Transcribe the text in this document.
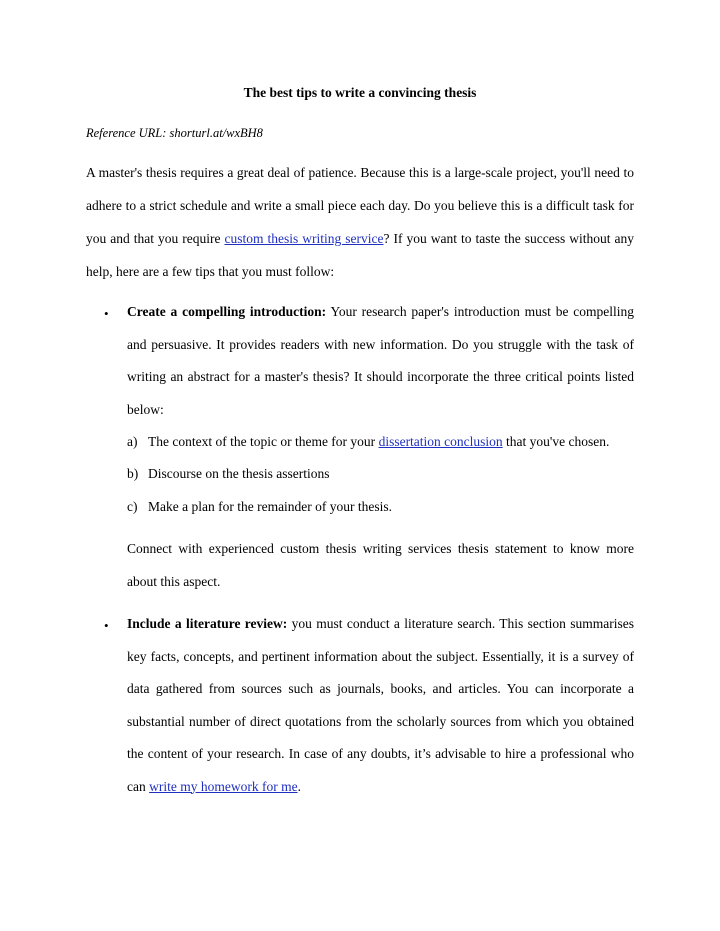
The best tips to write a convincing thesis
Reference URL: shorturl.at/wxBH8
A master's thesis requires a great deal of patience. Because this is a large-scale project, you'll need to adhere to a strict schedule and write a small piece each day. Do you believe this is a difficult task for you and that you require custom thesis writing service? If you want to taste the success without any help, here are a few tips that you must follow:
• Create a compelling introduction: Your research paper's introduction must be compelling and persuasive. It provides readers with new information. Do you struggle with the task of writing an abstract for a master's thesis? It should incorporate the three critical points listed below:
a) The context of the topic or theme for your dissertation conclusion that you've chosen.
b) Discourse on the thesis assertions
c) Make a plan for the remainder of your thesis.
Connect with experienced custom thesis writing services thesis statement to know more about this aspect.
• Include a literature review: you must conduct a literature search. This section summarises key facts, concepts, and pertinent information about the subject. Essentially, it is a survey of data gathered from sources such as journals, books, and articles. You can incorporate a substantial number of direct quotations from the scholarly sources from which you obtained the content of your research. In case of any doubts, it’s advisable to hire a professional who can write my homework for me.
